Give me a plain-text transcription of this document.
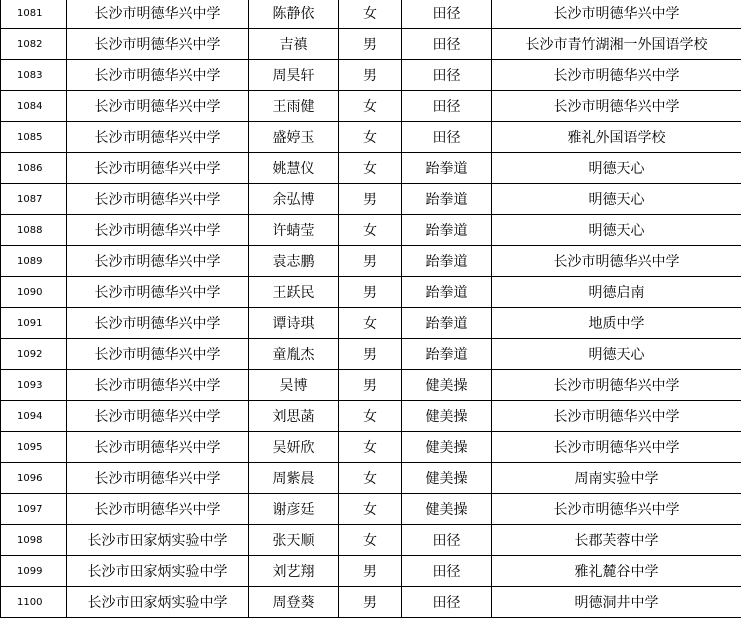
1081	长沙市明德华兴中学	陈静依	女	田径	长沙市明德华兴中学
1082	长沙市明德华兴中学	吉禛	男	田径	长沙市青竹湖湘一外国语学校
1083	长沙市明德华兴中学	周昊轩	男	田径	长沙市明德华兴中学
1084	长沙市明德华兴中学	王雨健	女	田径	长沙市明德华兴中学
1085	长沙市明德华兴中学	盛婷玉	女	田径	雅礼外国语学校
1086	长沙市明德华兴中学	姚慧仪	女	跆拳道	明德天心
1087	长沙市明德华兴中学	余弘博	男	跆拳道	明德天心
1088	长沙市明德华兴中学	许蜻莹	女	跆拳道	明德天心
1089	长沙市明德华兴中学	袁志鹏	男	跆拳道	长沙市明德华兴中学
1090	长沙市明德华兴中学	王跃民	男	跆拳道	明德启南
1091	长沙市明德华兴中学	谭诗琪	女	跆拳道	地质中学
1092	长沙市明德华兴中学	童胤杰	男	跆拳道	明德天心
1093	长沙市明德华兴中学	吴博	男	健美操	长沙市明德华兴中学
1094	长沙市明德华兴中学	刘思菡	女	健美操	长沙市明德华兴中学
1095	长沙市明德华兴中学	吴妍欣	女	健美操	长沙市明德华兴中学
1096	长沙市明德华兴中学	周紫晨	女	健美操	周南实验中学
1097	长沙市明德华兴中学	谢彦廷	女	健美操	长沙市明德华兴中学
1098	长沙市田家炳实验中学	张天顺	女	田径	长郡芙蓉中学
1099	长沙市田家炳实验中学	刘艺翔	男	田径	雅礼麓谷中学
1100	长沙市田家炳实验中学	周登葵	男	田径	明德洞井中学
